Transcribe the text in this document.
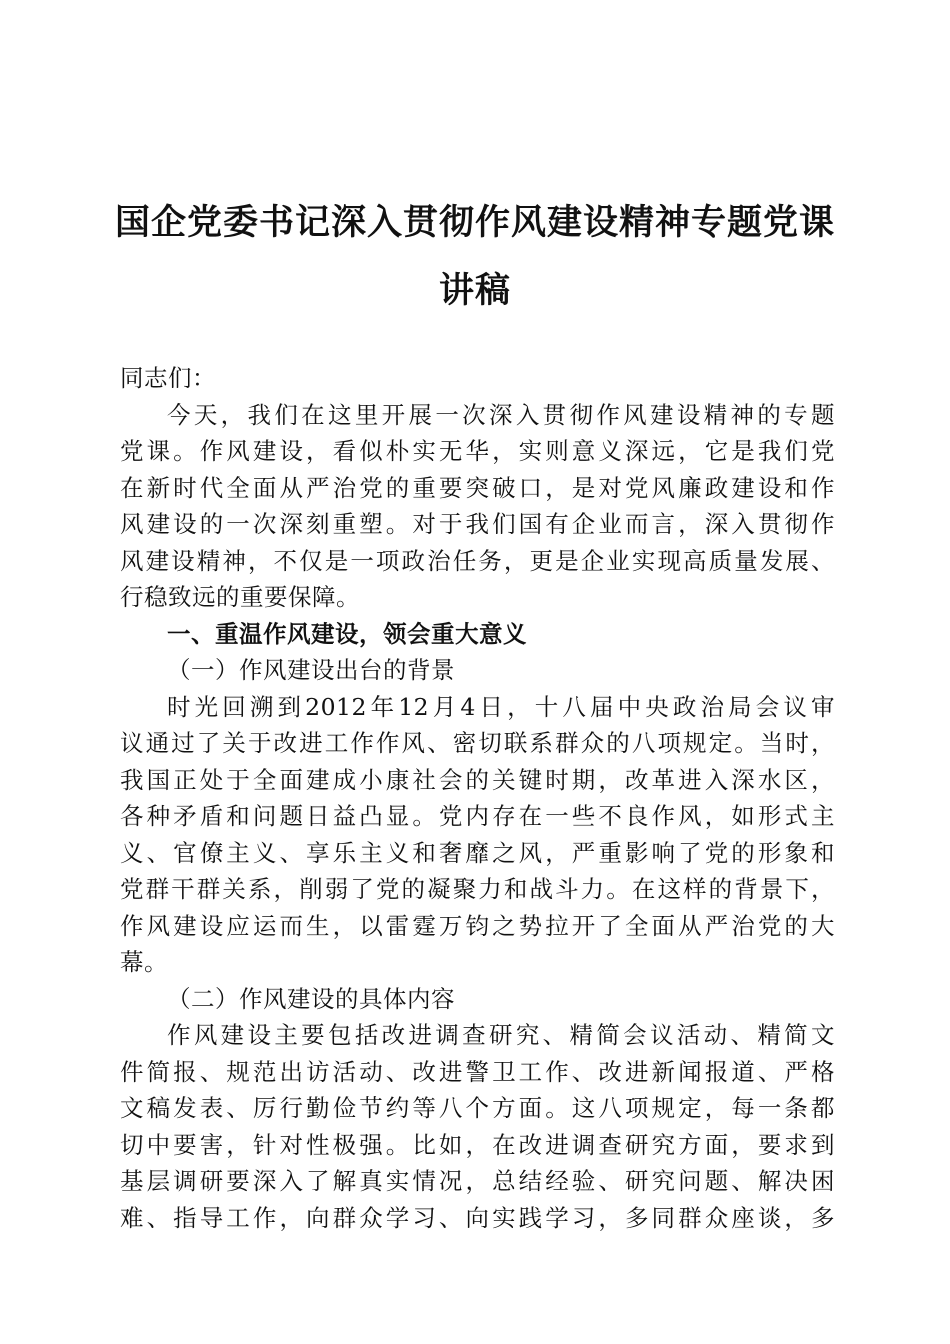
国企党委书记深入贯彻作风建设精神专题党课
讲稿
同志们：
今天，我们在这里开展一次深入贯彻作风建设精神的专题
党课。作风建设，看似朴实无华，实则意义深远，它是我们党
在新时代全面从严治党的重要突破口，是对党风廉政建设和作
风建设的一次深刻重塑。对于我们国有企业而言，深入贯彻作
风建设精神，不仅是一项政治任务，更是企业实现高质量发展、
行稳致远的重要保障。
一、重温作风建设，领会重大意义
（一）作风建设出台的背景
时光回溯到2012年12月4日，十八届中央政治局会议审
议通过了关于改进工作作风、密切联系群众的八项规定。当时，
我国正处于全面建成小康社会的关键时期，改革进入深水区，
各种矛盾和问题日益凸显。党内存在一些不良作风，如形式主
义、官僚主义、享乐主义和奢靡之风，严重影响了党的形象和
党群干群关系，削弱了党的凝聚力和战斗力。在这样的背景下，
作风建设应运而生，以雷霆万钧之势拉开了全面从严治党的大
幕。
（二）作风建设的具体内容
作风建设主要包括改进调查研究、精简会议活动、精简文
件简报、规范出访活动、改进警卫工作、改进新闻报道、严格
文稿发表、厉行勤俭节约等八个方面。这八项规定，每一条都
切中要害，针对性极强。比如，在改进调查研究方面，要求到
基层调研要深入了解真实情况，总结经验、研究问题、解决困
难、指导工作，向群众学习、向实践学习，多同群众座谈，多
